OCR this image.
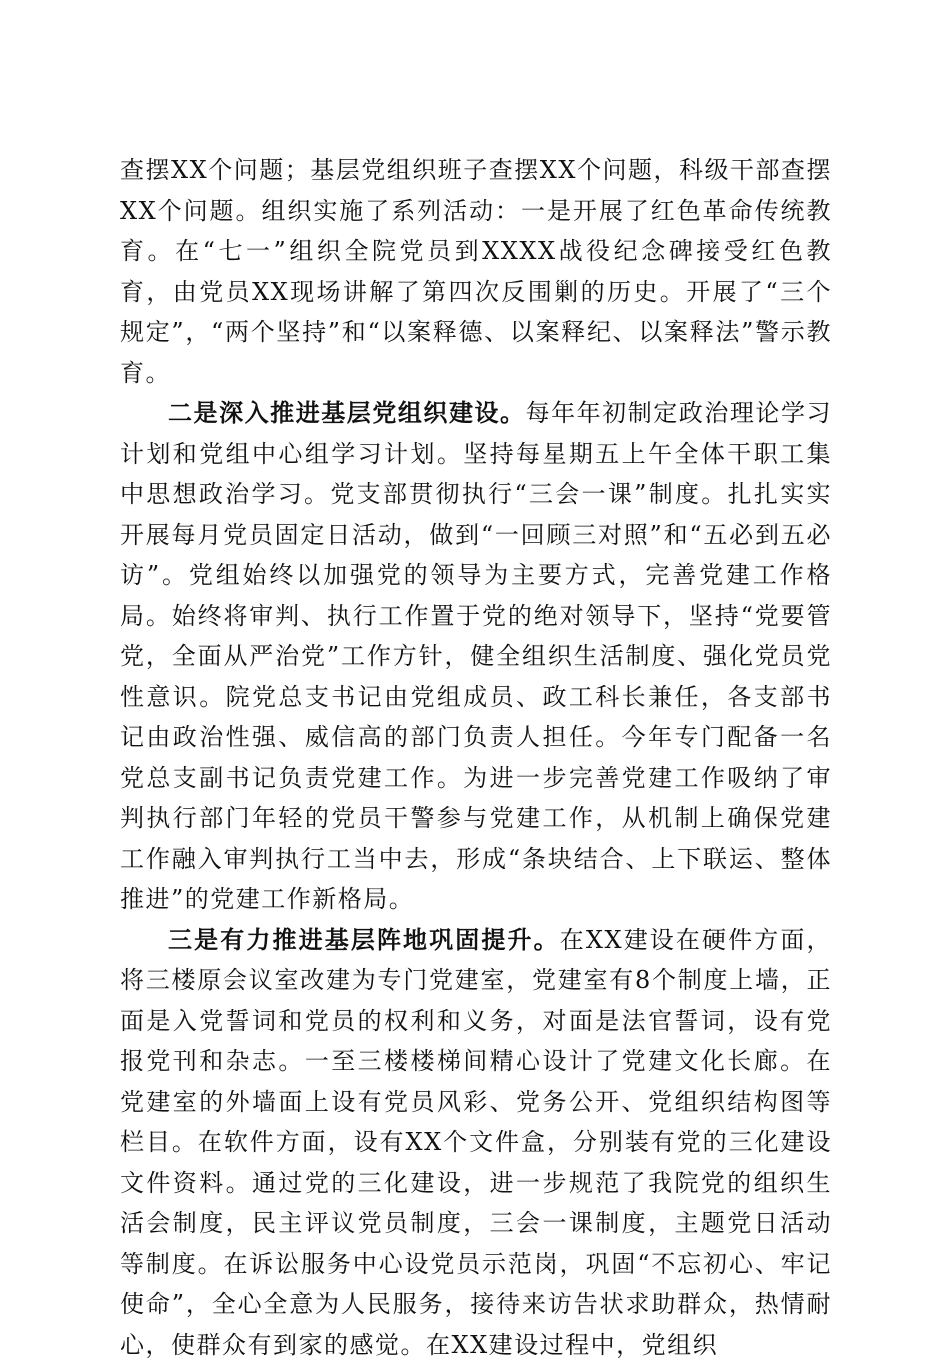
查摆XX个问题；基层党组织班子查摆XX个问题，科级干部查摆XX个问题。组织实施了系列活动：一是开展了红色革命传统教育。在“七一”组织全院党员到XXXX战役纪念碑接受红色教育，由党员XX现场讲解了第四次反围剿的历史。开展了“三个规定”，“两个坚持”和“以案释德、以案释纪、以案释法”警示教育。

二是深入推进基层党组织建设。每年年初制定政治理论学习计划和党组中心组学习计划。坚持每星期五上午全体干职工集中思想政治学习。党支部贯彻执行“三会一课”制度。扎扎实实开展每月党员固定日活动，做到“一回顾三对照”和“五必到五必访”。党组始终以加强党的领导为主要方式，完善党建工作格局。始终将审判、执行工作置于党的绝对领导下，坚持“党要管党，全面从严治党”工作方针，健全组织生活制度、强化党员党性意识。院党总支书记由党组成员、政工科长兼任，各支部书记由政治性强、威信高的部门负责人担任。今年专门配备一名党总支副书记负责党建工作。为进一步完善党建工作吸纳了审判执行部门年轻的党员干警参与党建工作，从机制上确保党建工作融入审判执行工当中去，形成“条块结合、上下联运、整体推进”的党建工作新格局。

三是有力推进基层阵地巩固提升。在XX建设在硬件方面，将三楼原会议室改建为专门党建室，党建室有8个制度上墙，正面是入党誓词和党员的权利和义务，对面是法官誓词，设有党报党刊和杂志。一至三楼楼梯间精心设计了党建文化长廊。在党建室的外墙面上设有党员风彩、党务公开、党组织结构图等栏目。在软件方面，设有XX个文件盒，分别装有党的三化建设文件资料。通过党的三化建设，进一步规范了我院党的组织生活会制度，民主评议党员制度，三会一课制度，主题党日活动等制度。在诉讼服务中心设党员示范岗，巩固“不忘初心、牢记使命”，全心全意为人民服务，接待来访告状求助群众，热情耐心，使群众有到家的感觉。在XX建设过程中，党组织
